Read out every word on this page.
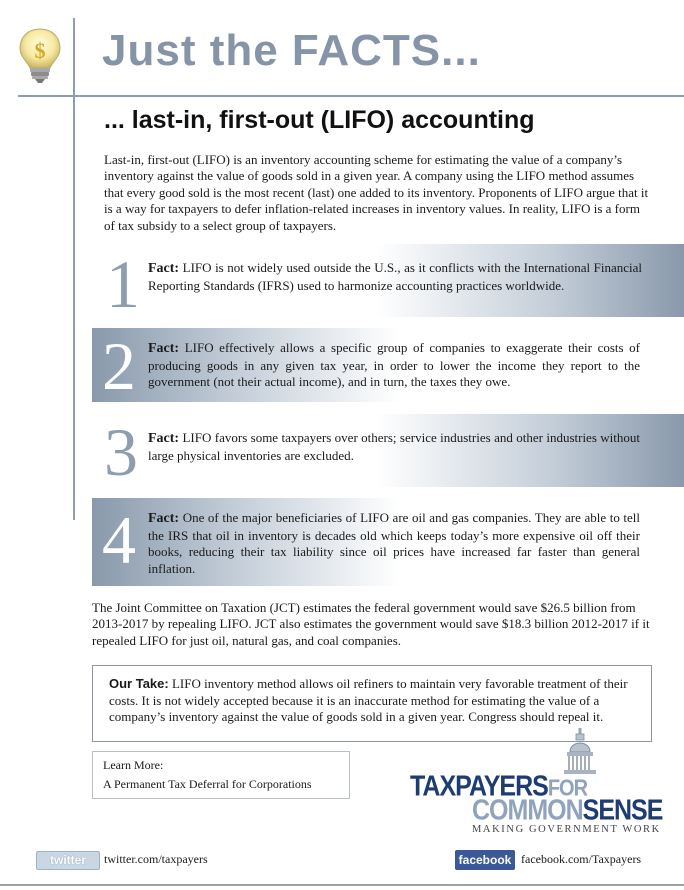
$ Just the FACTS...
... last-in, first-out (LIFO) accounting
Last-in, first-out (LIFO) is an inventory accounting scheme for estimating the value of a company’s inventory against the value of goods sold in a given year. A company using the LIFO method assumes that every good sold is the most recent (last) one added to its inventory. Proponents of LIFO argue that it is a way for taxpayers to defer inflation-related increases in inventory values. In reality, LIFO is a form of tax subsidy to a select group of taxpayers.
1 Fact: LIFO is not widely used outside the U.S., as it conflicts with the International Financial Reporting Standards (IFRS) used to harmonize accounting practices worldwide.
2 Fact: LIFO effectively allows a specific group of companies to exaggerate their costs of producing goods in any given tax year, in order to lower the income they report to the government (not their actual income), and in turn, the taxes they owe.
3 Fact: LIFO favors some taxpayers over others; service industries and other industries without large physical inventories are excluded.
4 Fact: One of the major beneficiaries of LIFO are oil and gas companies. They are able to tell the IRS that oil in inventory is decades old which keeps today’s more expensive oil off their books, reducing their tax liability since oil prices have increased far faster than general inflation.
The Joint Committee on Taxation (JCT) estimates the federal government would save $26.5 billion from 2013-2017 by repealing LIFO. JCT also estimates the government would save $18.3 billion 2012-2017 if it repealed LIFO for just oil, natural gas, and coal companies.
Our Take: LIFO inventory method allows oil refiners to maintain very favorable treatment of their costs. It is not widely accepted because it is an inaccurate method for estimating the value of a company’s inventory against the value of goods sold in a given year. Congress should repeal it.
Learn More:
A Permanent Tax Deferral for Corporations	TAXPAYERSFOR
COMMONSENSE
MAKING GOVERNMENT WORK
twitter	twitter.com/taxpayers	facebook facebook.com/Taxpayers
